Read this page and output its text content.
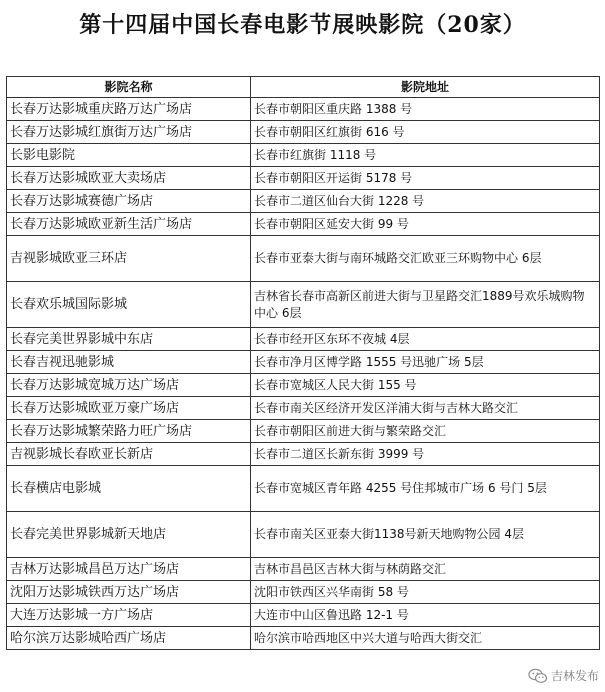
第十四届中国长春电影节展映影院（20家）
影院名称	影院地址
长春万达影城重庆路万达广场店	长春市朝阳区重庆路 1388 号
长春万达影城红旗街万达广场店	长春市朝阳区红旗街 616 号
长影电影院	长春市红旗街 1118 号
长春万达影城欧亚大卖场店	长春市朝阳区开运街 5178 号
长春万达影城赛德广场店	长春市二道区仙台大街 1228 号
长春万达影城欧亚新生活广场店	长春市朝阳区延安大街 99 号
吉视影城欧亚三环店	长春市亚泰大街与南环城路交汇欧亚三环购物中心 6层
长春欢乐城国际影城	吉林省长春市高新区前进大街与卫星路交汇1889号欢乐城购物中心 6层
长春完美世界影城中东店	长春市经开区东环不夜城 4层
长春吉视迅驰影城	长春市净月区博学路 1555 号迅驰广场 5层
长春万达影城宽城万达广场店	长春市宽城区人民大街 155 号
长春万达影城欧亚万豪广场店	长春市南关区经济开发区洋浦大街与吉林大路交汇
长春万达影城繁荣路力旺广场店	长春市朝阳区前进大街与繁荣路交汇
吉视影城长春欧亚长新店	长春市二道区长新东街 3999 号
长春横店电影城	长春市宽城区青年路 4255 号住邦城市广场 6 号门 5层
长春完美世界影城新天地店	长春市南关区亚泰大街1138号新天地购物公园 4层
吉林万达影城昌邑万达广场店	吉林市昌邑区吉林大街与林荫路交汇
沈阳万达影城铁西万达广场店	沈阳市铁西区兴华南街 58 号
大连万达影城一方广场店	大连市中山区鲁迅路 12-1 号
哈尔滨万达影城哈西广场店	哈尔滨市哈西地区中兴大道与哈西大街交汇
吉林发布
